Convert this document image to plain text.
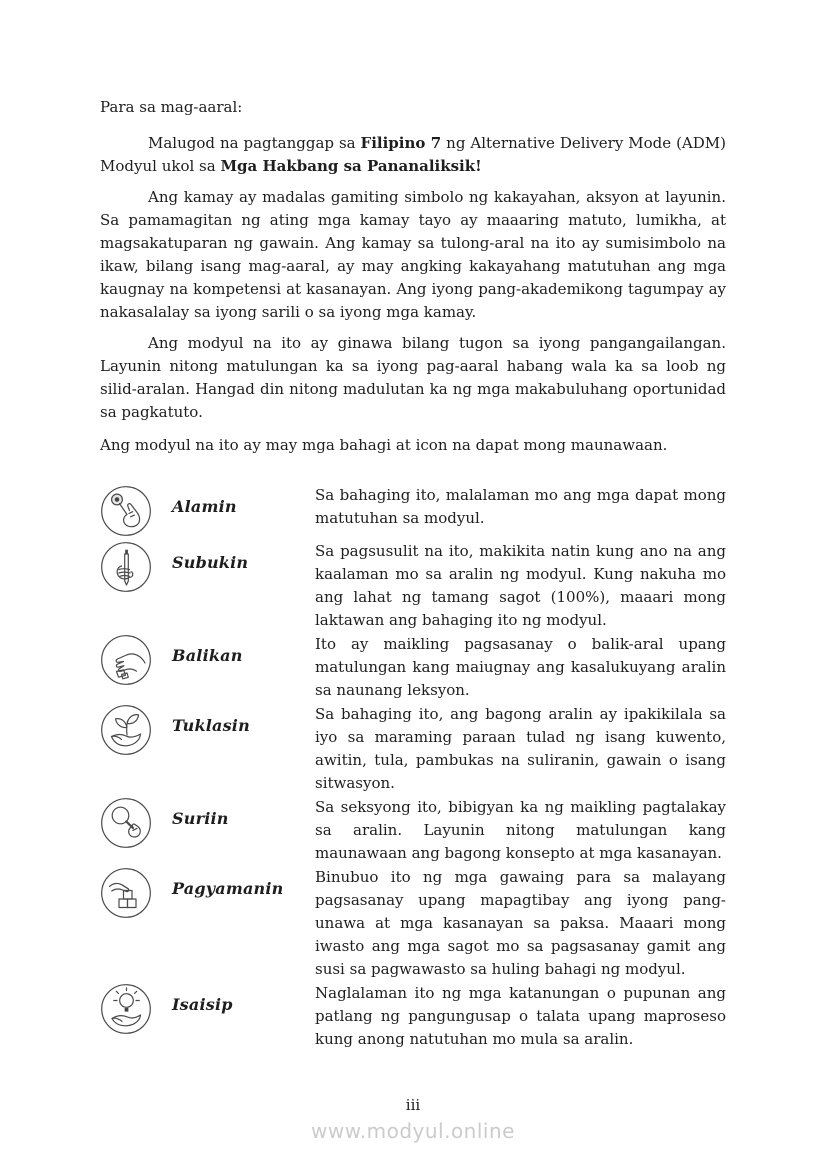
Para sa mag-aaral:

Malugod na pagtanggap sa Filipino 7 ng Alternative Delivery Mode (ADM) Modyul ukol sa Mga Hakbang sa Pananaliksik!

Ang kamay ay madalas gamiting simbolo ng kakayahan, aksyon at layunin. Sa pamamagitan ng ating mga kamay tayo ay maaaring matuto, lumikha, at magsakatuparan ng gawain. Ang kamay sa tulong-aral na ito ay sumisimbolo na ikaw, bilang isang mag-aaral, ay may angking kakayahang matutuhan ang mga kaugnay na kompetensi at kasanayan. Ang iyong pang-akademikong tagumpay ay nakasalalay sa iyong sarili o sa iyong mga kamay.

Ang modyul na ito ay ginawa bilang tugon sa iyong pangangailangan. Layunin nitong matulungan ka sa iyong pag-aaral habang wala ka sa loob ng silid-aralan. Hangad din nitong madulutan ka ng mga makabuluhang oportunidad sa pagkatuto.

Ang modyul na ito ay may mga bahagi at icon na dapat mong maunawaan.

Alamin
Sa bahaging ito, malalaman mo ang mga dapat mong matutuhan sa modyul.
Subukin
Sa pagsusulit na ito, makikita natin kung ano na ang kaalaman mo sa aralin ng modyul. Kung nakuha mo ang lahat ng tamang sagot (100%), maaari mong laktawan ang bahaging ito ng modyul.
Balikan
Ito ay maikling pagsasanay o balik-aral upang matulungan kang maiugnay ang kasalukuyang aralin sa naunang leksyon.
Tuklasin
Sa bahaging ito, ang bagong aralin ay ipakikilala sa iyo sa maraming paraan tulad ng isang kuwento, awitin, tula, pambukas na suliranin, gawain o isang sitwasyon.
Suriin
Sa seksyong ito, bibigyan ka ng maikling pagtalakay sa aralin. Layunin nitong matulungan kang maunawaan ang bagong konsepto at mga kasanayan.
Pagyamanin
Binubuo ito ng mga gawaing para sa malayang pagsasanay upang mapagtibay ang iyong pang-unawa at mga kasanayan sa paksa. Maaari mong iwasto ang mga sagot mo sa pagsasanay gamit ang susi sa pagwawasto sa huling bahagi ng modyul.
Isaisip
Naglalaman ito ng mga katanungan o pupunan ang patlang ng pangungusap o talata upang maproseso kung anong natutuhan mo mula sa aralin.
iii
www.modyul.online
